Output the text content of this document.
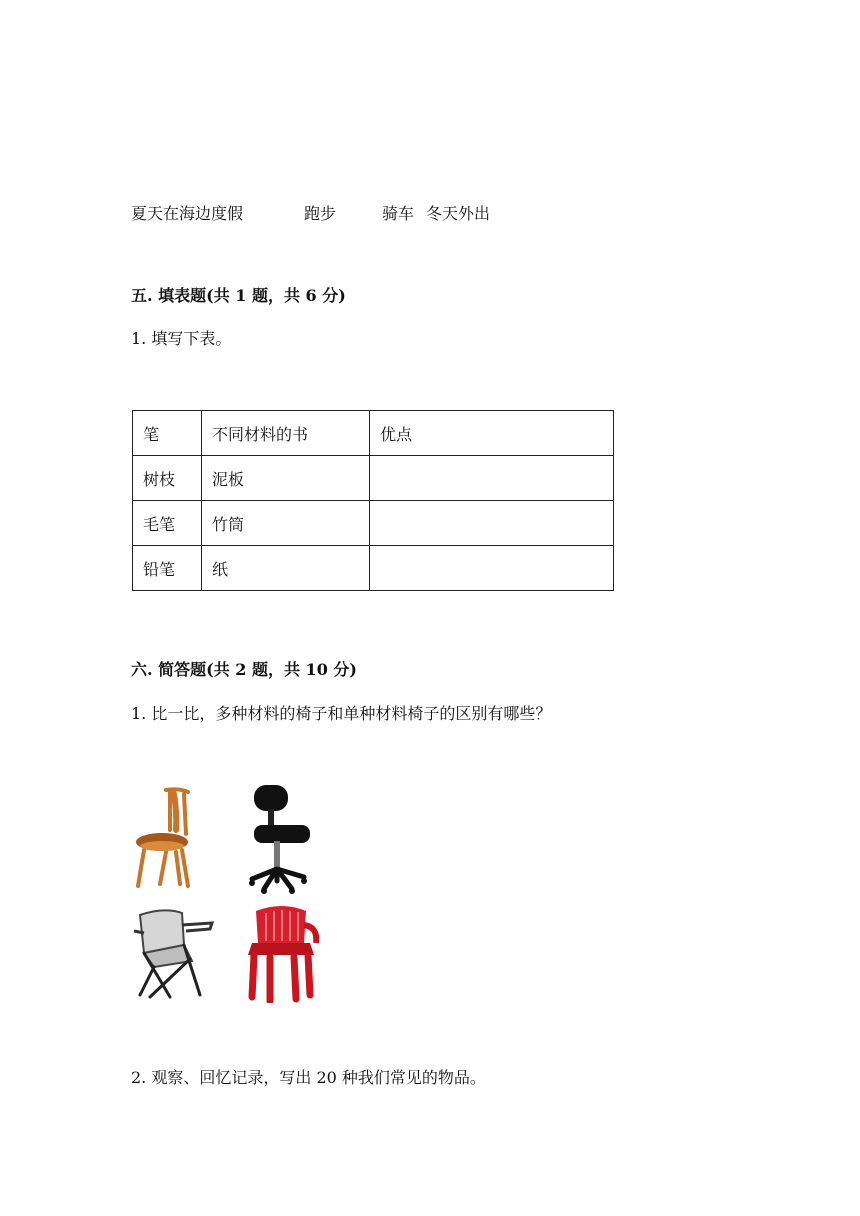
夏天在海边度假	跑步	骑车 冬天外出
五. 填表题(共 1 题，共 6 分)
1. 填写下表。
笔	不同材料的书	优点
树枝	泥板	
毛笔	竹筒	
铅笔	纸	
六. 简答题(共 2 题，共 10 分)
1. 比一比，多种材料的椅子和单种材料椅子的区别有哪些？
2. 观察、回忆记录，写出 20 种我们常见的物品。
